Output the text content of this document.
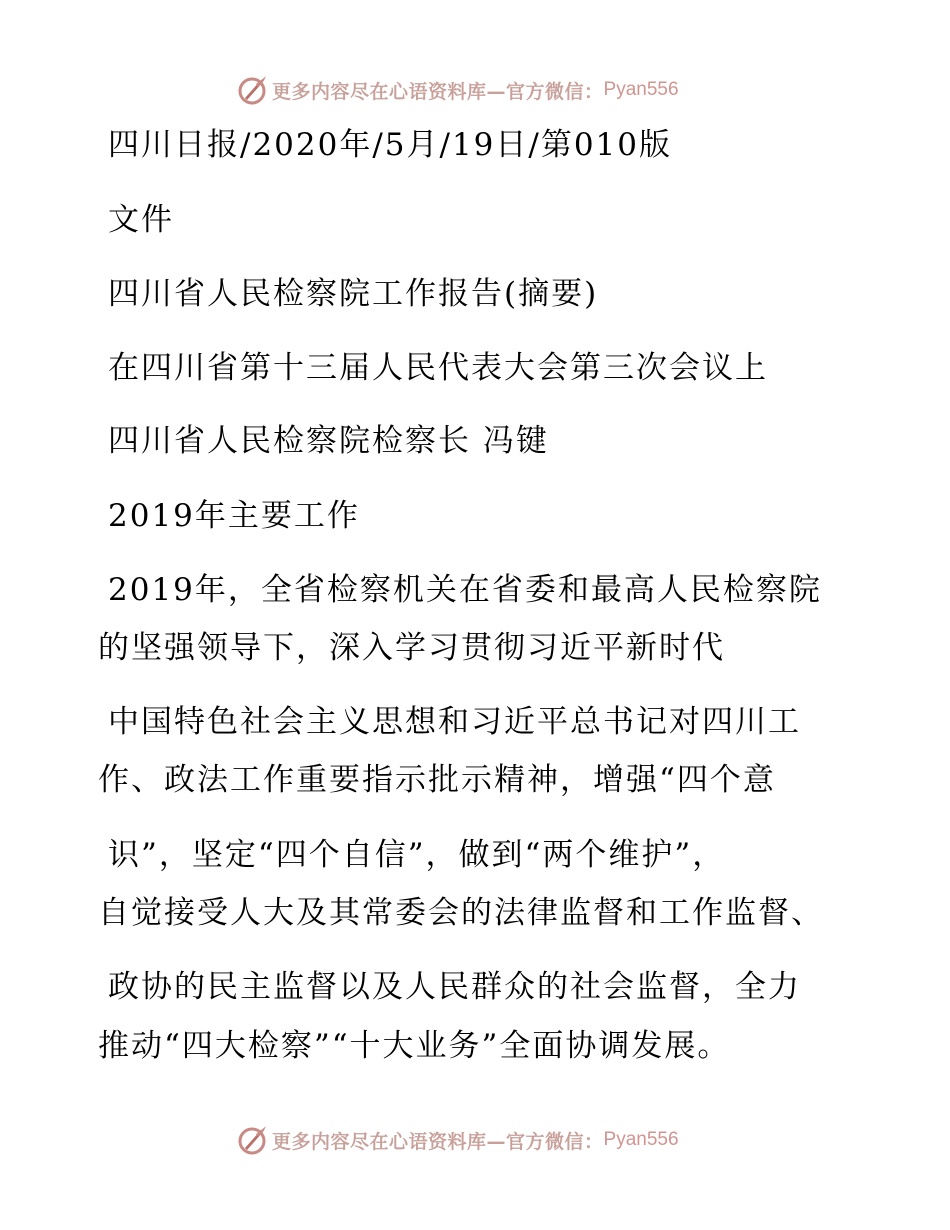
更多内容尽在心语资料库—官方微信： Pyan556
四川日报/2020年/5月/19日/第010版
文件
四川省人民检察院工作报告(摘要)
在四川省第十三届人民代表大会第三次会议上
四川省人民检察院检察长 冯键
2019年主要工作
2019年，全省检察机关在省委和最高人民检察院
的坚强领导下，深入学习贯彻习近平新时代
中国特色社会主义思想和习近平总书记对四川工
作、政法工作重要指示批示精神，增强“四个意
识”，坚定“四个自信”，做到“两个维护”，
自觉接受人大及其常委会的法律监督和工作监督、
政协的民主监督以及人民群众的社会监督，全力
推动“四大检察”“十大业务”全面协调发展。
更多内容尽在心语资料库—官方微信： Pyan556
